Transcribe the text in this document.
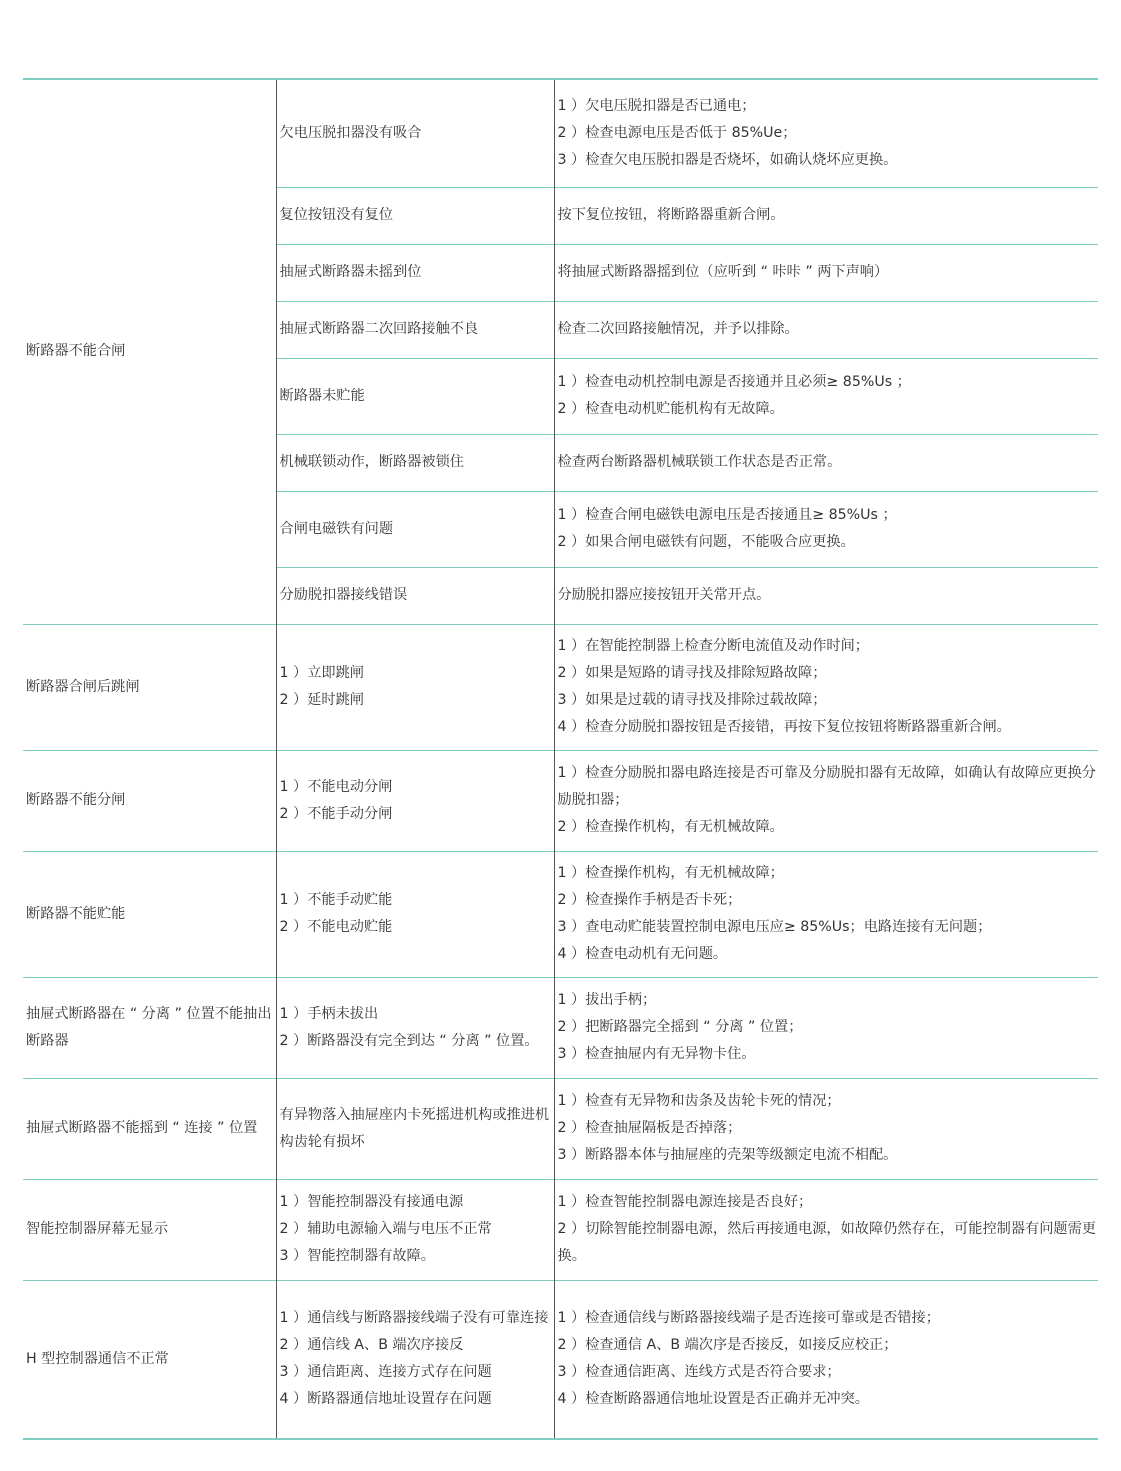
断路器不能合闸	欠电压脱扣器没有吸合	1 ）欠电压脱扣器是否已通电；
2 ）检查电源电压是否低于 85%Ue；
3 ）检查欠电压脱扣器是否烧坏，如确认烧坏应更换。

	复位按钮没有复位	按下复位按钮，将断路器重新合闸。

	抽屉式断路器未摇到位	将抽屉式断路器摇到位（应听到 “ 咔咔 ” 两下声响）

	抽屉式断路器二次回路接触不良	检查二次回路接触情况，并予以排除。

	断路器未贮能	1 ）检查电动机控制电源是否接通并且必须≥ 85%Us ；
2 ）检查电动机贮能机构有无故障。

	机械联锁动作，断路器被锁住	检查两台断路器机械联锁工作状态是否正常。

	合闸电磁铁有问题	1 ）检查合闸电磁铁电源电压是否接通且≥ 85%Us ；
2 ）如果合闸电磁铁有问题，不能吸合应更换。

	分励脱扣器接线错误	分励脱扣器应接按钮开关常开点。

断路器合闸后跳闸	1 ）立即跳闸
2 ）延时跳闸	1 ）在智能控制器上检查分断电流值及动作时间；
2 ）如果是短路的请寻找及排除短路故障；
3 ）如果是过载的请寻找及排除过载故障；
4 ）检查分励脱扣器按钮是否接错，再按下复位按钮将断路器重新合闸。

断路器不能分闸	1 ）不能电动分闸
2 ）不能手动分闸	1 ）检查分励脱扣器电路连接是否可靠及分励脱扣器有无故障，如确认有故障应更换分励脱扣器；
2 ）检查操作机构，有无机械故障。

断路器不能贮能	1 ）不能手动贮能
2 ）不能电动贮能	1 ）检查操作机构，有无机械故障；
2 ）检查操作手柄是否卡死；
3 ）查电动贮能装置控制电源电压应≥ 85%Us；电路连接有无问题；
4 ）检查电动机有无问题。

抽屉式断路器在 “ 分离 ” 位置不能抽出断路器	1 ）手柄未拔出
2 ）断路器没有完全到达 “ 分离 ” 位置。	1 ）拔出手柄；
2 ）把断路器完全摇到 “ 分离 ” 位置；
3 ）检查抽屉内有无异物卡住。

抽屉式断路器不能摇到 “ 连接 ” 位置	有异物落入抽屉座内卡死摇进机构或推进机构齿轮有损坏	1 ）检查有无异物和齿条及齿轮卡死的情况；
2 ）检查抽屉隔板是否掉落；
3 ）断路器本体与抽屉座的壳架等级额定电流不相配。

智能控制器屏幕无显示	1 ）智能控制器没有接通电源
2 ）辅助电源输入端与电压不正常
3 ）智能控制器有故障。	1 ）检查智能控制器电源连接是否良好；
2 ）切除智能控制器电源，然后再接通电源，如故障仍然存在，可能控制器有问题需更换。

H 型控制器通信不正常	1 ）通信线与断路器接线端子没有可靠连接
2 ）通信线 A、B 端次序接反
3 ）通信距离、连接方式存在问题
4 ）断路器通信地址设置存在问题	1 ）检查通信线与断路器接线端子是否连接可靠或是否错接；
2 ）检查通信 A、B 端次序是否接反，如接反应校正；
3 ）检查通信距离、连线方式是否符合要求；
4 ）检查断路器通信地址设置是否正确并无冲突。
